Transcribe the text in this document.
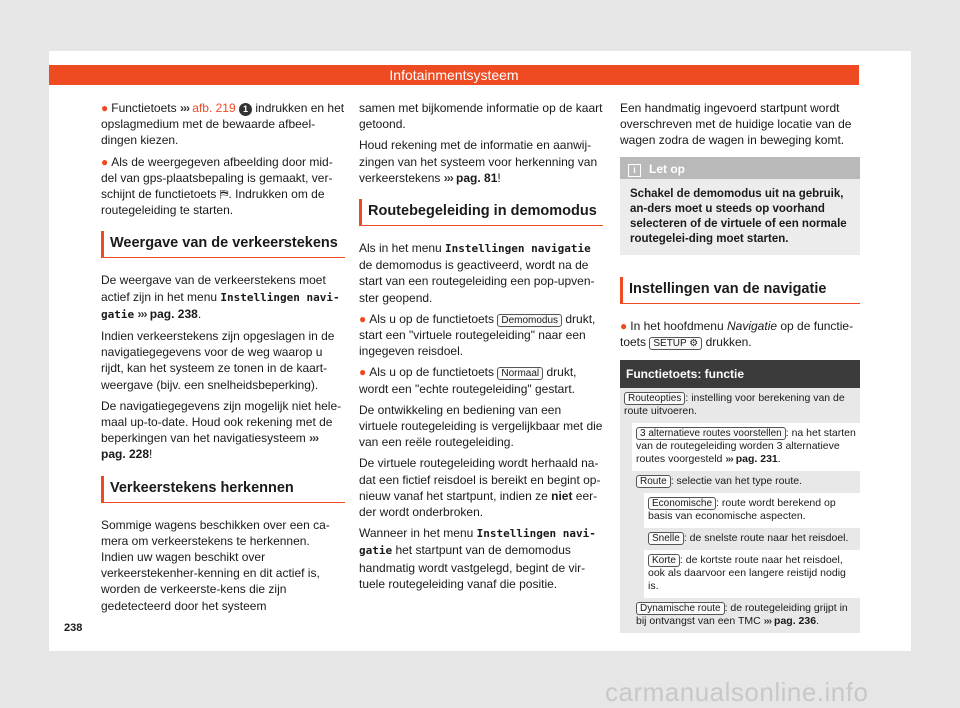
Infotainmentsysteem

● Functietoets ››› afb. 219 1 indrukken en het opslagmedium met de bewaarde afbeel-dingen kiezen.

● Als de weergegeven afbeelding door mid-del van gps-plaatsbepaling is gemaakt, ver-schijnt de functietoets ⛿. Indrukken om de routegeleiding te starten.

Weergave van de verkeerstekens

De weergave van de verkeerstekens moet actief zijn in het menu Instellingen navi-gatie ››› pag. 238.

Indien verkeerstekens zijn opgeslagen in de navigatiegegevens voor de weg waarop u rijdt, kan het systeem ze tonen in de kaart-weergave (bijv. een snelheidsbeperking).

De navigatiegegevens zijn mogelijk niet hele-maal up-to-date. Houd ook rekening met de beperkingen van het navigatiesysteem ››› pag. 228!

Verkeerstekens herkennen

Sommige wagens beschikken over een ca-mera om verkeerstekens te herkennen. Indien uw wagen beschikt over verkeerstekenher-kenning en dit actief is, worden de verkeerste-kens die zijn gedetecteerd door het systeem

samen met bijkomende informatie op de kaart getoond.

Houd rekening met de informatie en aanwij-zingen van het systeem voor herkenning van verkeerstekens ››› pag. 81!

Routebegeleiding in demomodus

Als in het menu Instellingen navigatie de demomodus is geactiveerd, wordt na de start van een routegeleiding een pop-upven-ster geopend.

● Als u op de functietoets Demomodus drukt, start een "virtuele routegeleiding" naar een ingegeven reisdoel.

● Als u op de functietoets Normaal drukt, wordt een "echte routegeleiding" gestart.

De ontwikkeling en bediening van een virtuele routegeleiding is vergelijkbaar met die van een reële routegeleiding.

De virtuele routegeleiding wordt herhaald na-dat een fictief reisdoel is bereikt en begint op-nieuw vanaf het startpunt, indien ze niet eer-der wordt onderbroken.

Wanneer in het menu Instellingen navi-gatie het startpunt van de demomodus handmatig wordt vastgelegd, begint de vir-tuele routegeleiding vanaf die positie.

Een handmatig ingevoerd startpunt wordt overschreven met de huidige locatie van de wagen zodra de wagen in beweging komt.

i Let op
Schakel de demomodus uit na gebruik, an-ders moet u steeds op voorhand selecteren of de virtuele of een normale routegelei-ding moet starten.
Instellingen van de navigatie

● In het hoofdmenu Navigatie op de functie-toets SETUP ⚙ drukken.

Functietoets: functie
Routeopties : instelling voor berekening van de route uitvoeren.
3 alternatieve routes voorstellen : na het starten van de routegeleiding worden 3 alternatieve routes voorgesteld ››› pag. 231.
Route : selectie van het type route.
Economische : route wordt berekend op basis van economische aspecten.
Snelle : de snelste route naar het reisdoel.
Korte : de kortste route naar het reisdoel, ook als daarvoor een langere reistijd nodig is.
Dynamische route : de routegeleiding grijpt in bij ontvangst van een TMC ››› pag. 236.
238
carmanualsonline.info
